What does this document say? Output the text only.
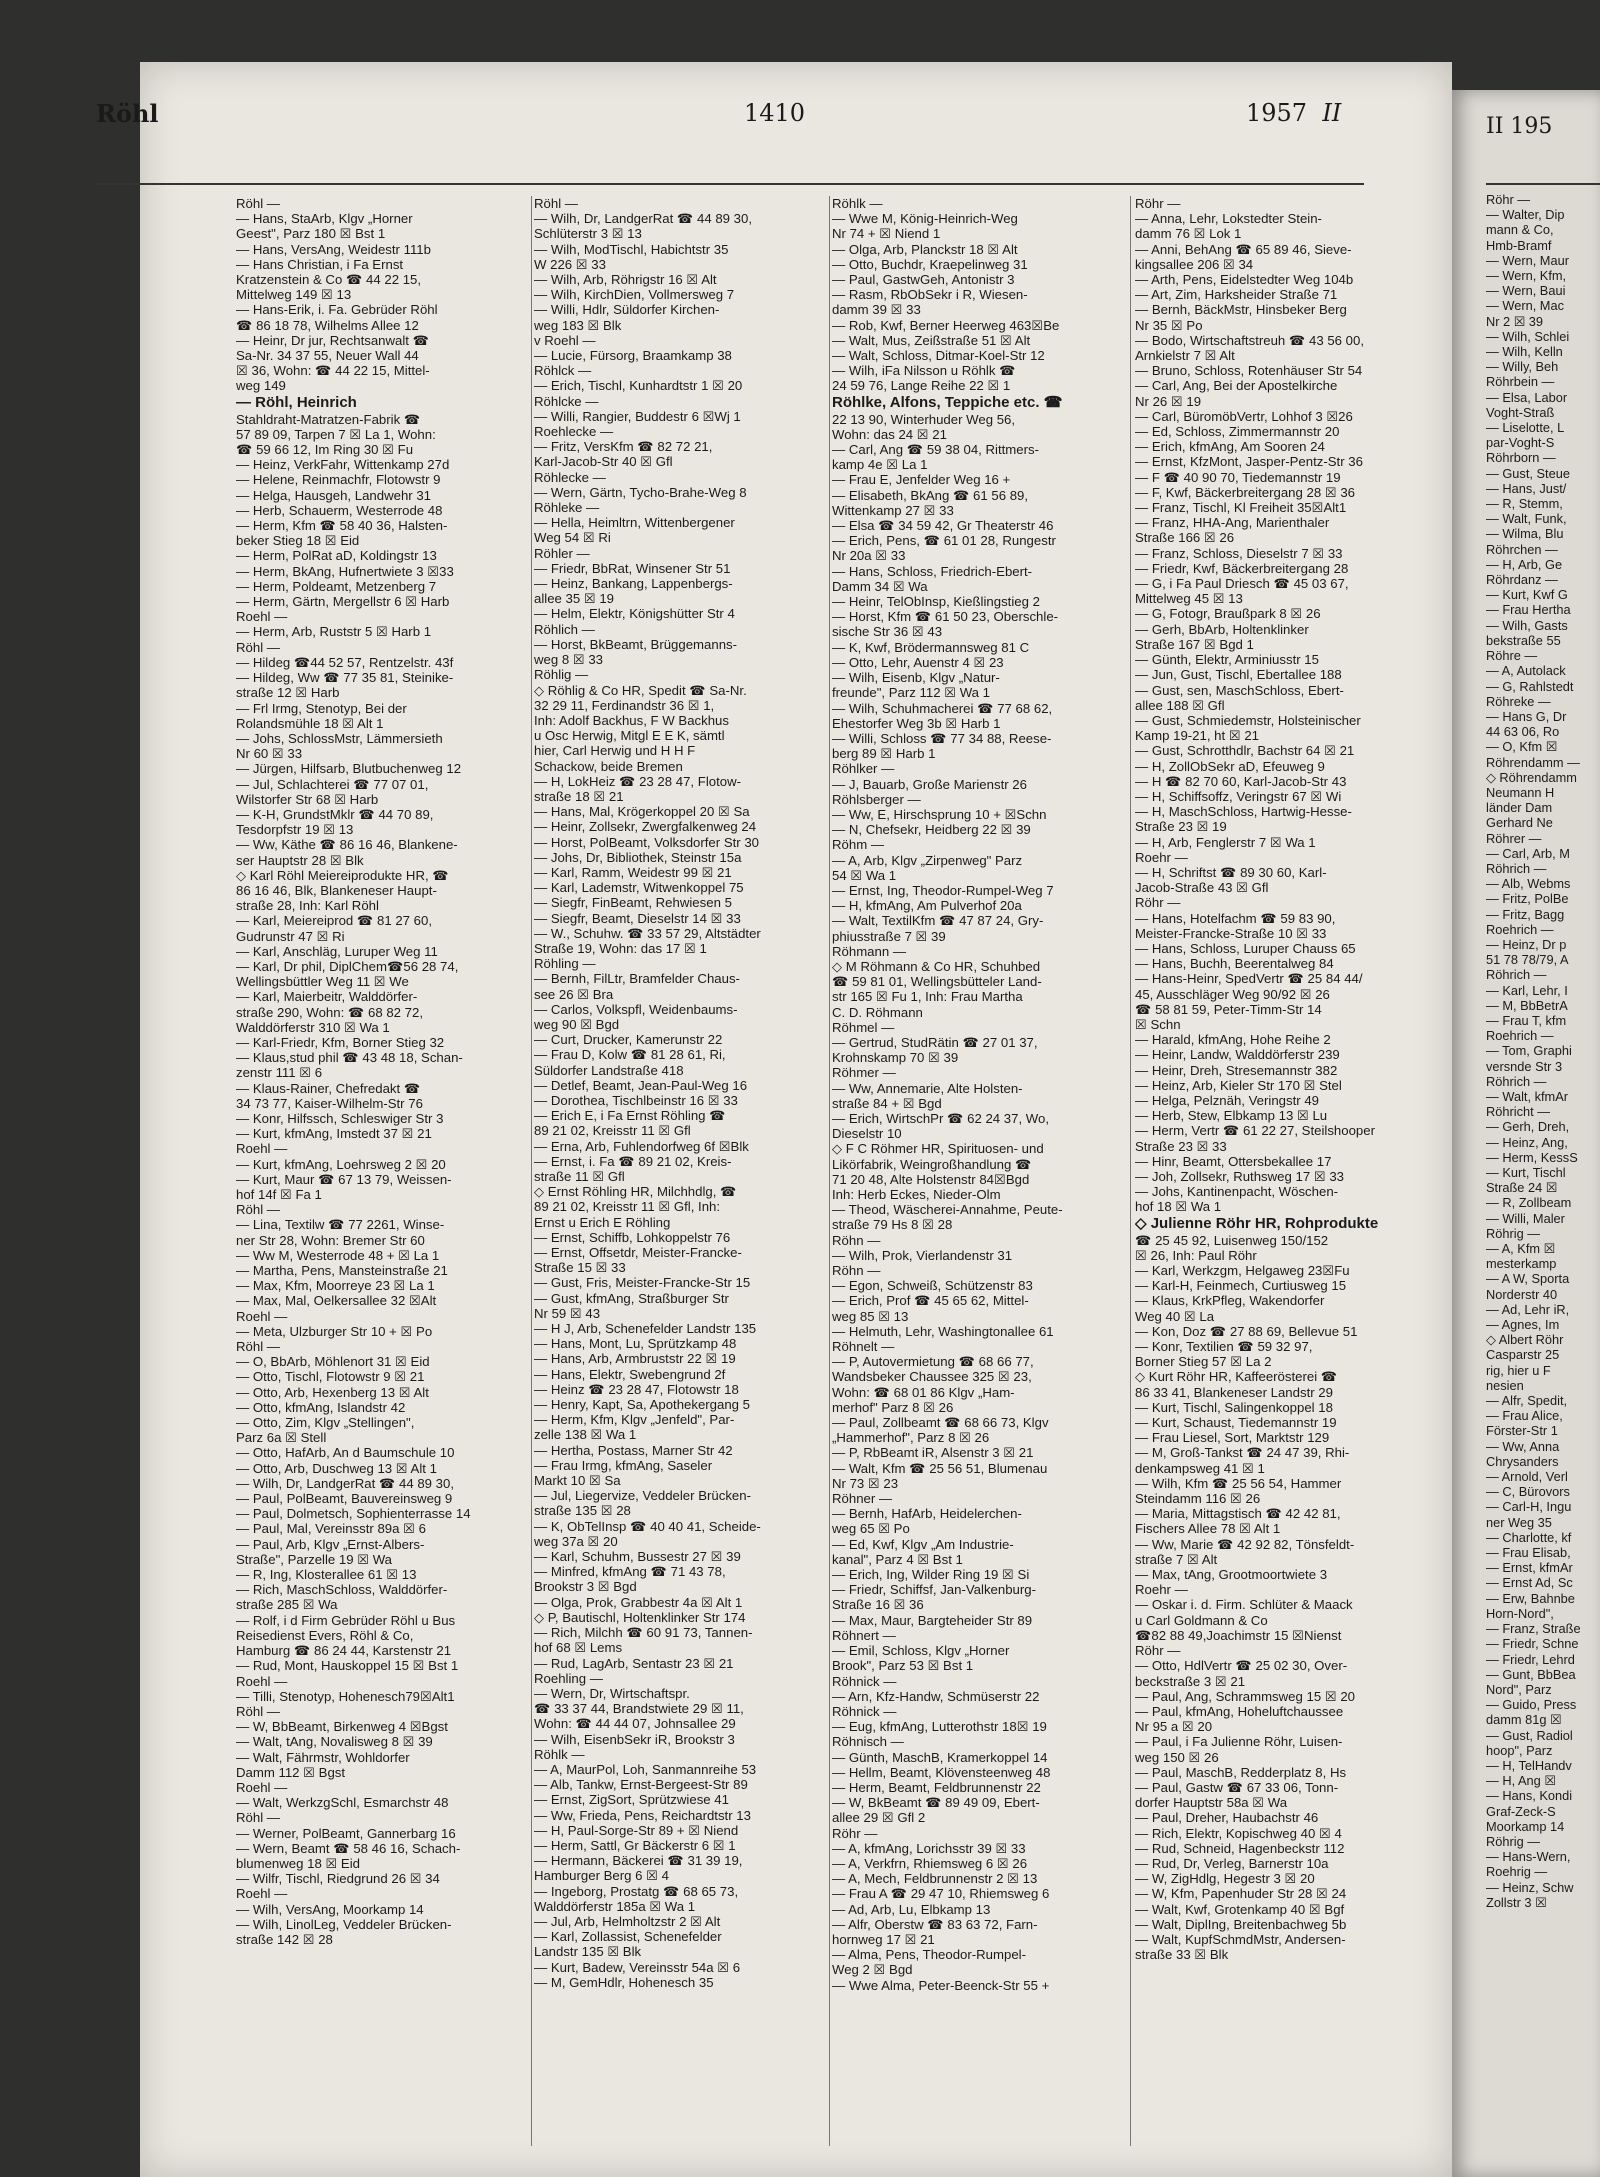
II 195
Röhr —
— Walter, Dip
mann & Co,
Hmb-Bramf
— Wern, Maur
— Wern, Kfm,
— Wern, Baui
— Wern, Mac
Nr 2 ☒ 39
— Wilh, Schlei
— Wilh, Kelln
— Willy, Beh
Röhrbein —
— Elsa, Labor
Voght-Straß
— Liselotte, L
par-Voght-S
Röhrborn —
— Gust, Steue
— Hans, Just/
— R, Stemm,
— Walt, Funk,
— Wilma, Blu
Röhrchen —
— H, Arb, Ge
Röhrdanz —
— Kurt, Kwf G
— Frau Hertha
— Wilh, Gasts
bekstraße 55
Röhre —
— A, Autolack
— G, Rahlstedt
Röhreke —
— Hans G, Dr
44 63 06, Ro
— O, Kfm ☒
Röhrendamm —
◇ Röhrendamm
Neumann H
länder Dam
Gerhard Ne
Röhrer —
— Carl, Arb, M
Röhrich —
— Alb, Webms
— Fritz, PolBe
— Fritz, Bagg
Roehrich —
— Heinz, Dr p
51 78 78/79, A
Röhrich —
— Karl, Lehr, I
— M, BbBetrA
— Frau T, kfm
Roehrich —
— Tom, Graphi
versnde Str 3
Röhrich —
— Walt, kfmAr
Röhricht —
— Gerh, Dreh,
— Heinz, Ang,
— Herm, KessS
— Kurt, Tischl
Straße 24 ☒
— R, Zollbeam
— Willi, Maler
Röhrig —
— A, Kfm ☒
mesterkamp
— A W, Sporta
Norderstr 40
— Ad, Lehr iR,
— Agnes, Im
◇ Albert Röhr
Casparstr 25
rig, hier u F
nesien
— Alfr, Spedit,
— Frau Alice,
Förster-Str 1
— Ww, Anna
Chrysanders
— Arnold, Verl
— C, Bürovors
— Carl-H, Ingu
ner Weg 35
— Charlotte, kf
— Frau Elisab,
— Ernst, kfmAr
— Ernst Ad, Sc
— Erw, Bahnbe
Horn-Nord",
— Franz, Straße
— Friedr, Schne
— Friedr, Lehrd
— Gunt, BbBea
Nord", Parz
— Guido, Press
damm 81g ☒
— Gust, Radiol
hoop", Parz
— H, TelHandv
— H, Ang ☒
— Hans, Kondi
Graf-Zeck-S
Moorkamp 14
Röhrig —
— Hans-Wern,
Roehrig —
— Heinz, Schw
Zollstr 3 ☒
Röhl	1410	1957 II
Röhl —
— Hans, StaArb, Klgv „Horner
Geest", Parz 180 ☒ Bst 1
— Hans, VersAng, Weidestr 111b
— Hans Christian, i Fa Ernst
Kratzenstein & Co ☎ 44 22 15,
Mittelweg 149 ☒ 13
— Hans-Erik, i. Fa. Gebrüder Röhl
☎ 86 18 78, Wilhelms Allee 12
— Heinr, Dr jur, Rechtsanwalt ☎
Sa-Nr. 34 37 55, Neuer Wall 44
☒ 36, Wohn: ☎ 44 22 15, Mittel-
weg 149
— Röhl, Heinrich
Stahldraht-Matratzen-Fabrik ☎
57 89 09, Tarpen 7 ☒ La 1, Wohn:
☎ 59 66 12, Im Ring 30 ☒ Fu
— Heinz, VerkFahr, Wittenkamp 27d
— Helene, Reinmachfr, Flotowstr 9
— Helga, Hausgeh, Landwehr 31
— Herb, Schauerm, Westerrode 48
— Herm, Kfm ☎ 58 40 36, Halsten-
beker Stieg 18 ☒ Eid
— Herm, PolRat aD, Koldingstr 13
— Herm, BkAng, Hufnertwiete 3 ☒33
— Herm, Poldeamt, Metzenberg 7
— Herm, Gärtn, Mergellstr 6 ☒ Harb
Roehl —
— Herm, Arb, Ruststr 5 ☒ Harb 1
Röhl —
— Hildeg ☎44 52 57, Rentzelstr. 43f
— Hildeg, Ww ☎ 77 35 81, Steinike-
straße 12 ☒ Harb
— Frl Irmg, Stenotyp, Bei der
Rolandsmühle 18 ☒ Alt 1
— Johs, SchlossMstr, Lämmersieth
Nr 60 ☒ 33
— Jürgen, Hilfsarb, Blutbuchenweg 12
— Jul, Schlachterei ☎ 77 07 01,
Wilstorfer Str 68 ☒ Harb
— K-H, GrundstMklr ☎ 44 70 89,
Tesdorpfstr 19 ☒ 13
— Ww, Käthe ☎ 86 16 46, Blankene-
ser Hauptstr 28 ☒ Blk
◇ Karl Röhl Meiereiprodukte HR, ☎
86 16 46, Blk, Blankeneser Haupt-
straße 28, Inh: Karl Röhl
— Karl, Meiereiprod ☎ 81 27 60,
Gudrunstr 47 ☒ Ri
— Karl, Anschläg, Luruper Weg 11
— Karl, Dr phil, DiplChem☎56 28 74,
Wellingsbüttler Weg 11 ☒ We
— Karl, Maierbeitr, Walddörfer-
straße 290, Wohn: ☎ 68 82 72,
Walddörferstr 310 ☒ Wa 1
— Karl-Friedr, Kfm, Borner Stieg 32
— Klaus,stud phil ☎ 43 48 18, Schan-
zenstr 111 ☒ 6
— Klaus-Rainer, Chefredakt ☎
34 73 77, Kaiser-Wilhelm-Str 76
— Konr, Hilfssch, Schleswiger Str 3
— Kurt, kfmAng, Imstedt 37 ☒ 21
Roehl —
— Kurt, kfmAng, Loehrsweg 2 ☒ 20
— Kurt, Maur ☎ 67 13 79, Weissen-
hof 14f ☒ Fa 1
Röhl —
— Lina, Textilw ☎ 77 2261, Winse-
ner Str 28, Wohn: Bremer Str 60
— Ww M, Westerrode 48 + ☒ La 1
— Martha, Pens, Mansteinstraße 21
— Max, Kfm, Moorreye 23 ☒ La 1
— Max, Mal, Oelkersallee 32 ☒Alt
Roehl —
— Meta, Ulzburger Str 10 + ☒ Po
Röhl —
— O, BbArb, Möhlenort 31 ☒ Eid
— Otto, Tischl, Flotowstr 9 ☒ 21
— Otto, Arb, Hexenberg 13 ☒ Alt
— Otto, kfmAng, Islandstr 42
— Otto, Zim, Klgv „Stellingen",
Parz 6a ☒ Stell
— Otto, HafArb, An d Baumschule 10
— Otto, Arb, Duschweg 13 ☒ Alt 1
— Wilh, Dr, LandgerRat ☎ 44 89 30,
— Paul, PolBeamt, Bauvereinsweg 9
— Paul, Dolmetsch, Sophienterrasse 14
— Paul, Mal, Vereinsstr 89a ☒ 6
— Paul, Arb, Klgv „Ernst-Albers-
Straße", Parzelle 19 ☒ Wa
— R, Ing, Klosterallee 61 ☒ 13
— Rich, MaschSchloss, Walddörfer-
straße 285 ☒ Wa
— Rolf, i d Firm Gebrüder Röhl u Bus
Reisedienst Evers, Röhl & Co,
Hamburg ☎ 86 24 44, Karstenstr 21
— Rud, Mont, Hauskoppel 15 ☒ Bst 1
Roehl —
— Tilli, Stenotyp, Hohenesch79☒Alt1
Röhl —
— W, BbBeamt, Birkenweg 4 ☒Bgst
— Walt, tAng, Novalisweg 8 ☒ 39
— Walt, Fährmstr, Wohldorfer
Damm 112 ☒ Bgst
Roehl —
— Walt, WerkzgSchl, Esmarchstr 48
Röhl —
— Werner, PolBeamt, Gannerbarg 16
— Wern, Beamt ☎ 58 46 16, Schach-
blumenweg 18 ☒ Eid
— Wilfr, Tischl, Riedgrund 26 ☒ 34
Roehl —
— Wilh, VersAng, Moorkamp 14
— Wilh, LinolLeg, Veddeler Brücken-
straße 142 ☒ 28
Röhl —
— Wilh, Dr, LandgerRat ☎ 44 89 30,
Schlüterstr 3 ☒ 13
— Wilh, ModTischl, Habichtstr 35
W 226 ☒ 33
— Wilh, Arb, Röhrigstr 16 ☒ Alt
— Wilh, KirchDien, Vollmersweg 7
— Willi, Hdlr, Süldorfer Kirchen-
weg 183 ☒ Blk
v Roehl —
— Lucie, Fürsorg, Braamkamp 38
Röhlck —
— Erich, Tischl, Kunhardtstr 1 ☒ 20
Röhlcke —
— Willi, Rangier, Buddestr 6 ☒Wj 1
Roehlecke —
— Fritz, VersKfm ☎ 82 72 21,
Karl-Jacob-Str 40 ☒ Gfl
Röhlecke —
— Wern, Gärtn, Tycho-Brahe-Weg 8
Röhleke —
— Hella, Heimltrn, Wittenbergener
Weg 54 ☒ Ri
Röhler —
— Friedr, BbRat, Winsener Str 51
— Heinz, Bankang, Lappenbergs-
allee 35 ☒ 19
— Helm, Elektr, Königshütter Str 4
Röhlich —
— Horst, BkBeamt, Brüggemanns-
weg 8 ☒ 33
Röhlig —
◇ Röhlig & Co HR, Spedit ☎ Sa-Nr.
32 29 11, Ferdinandstr 36 ☒ 1,
Inh: Adolf Backhus, F W Backhus
u Osc Herwig, Mitgl E E K, sämtl
hier, Carl Herwig und H H F
Schackow, beide Bremen
— H, LokHeiz ☎ 23 28 47, Flotow-
straße 18 ☒ 21
— Hans, Mal, Krögerkoppel 20 ☒ Sa
— Heinr, Zollsekr, Zwergfalkenweg 24
— Horst, PolBeamt, Volksdorfer Str 30
— Johs, Dr, Bibliothek, Steinstr 15a
— Karl, Ramm, Weidestr 99 ☒ 21
— Karl, Lademstr, Witwenkoppel 75
— Siegfr, FinBeamt, Rehwiesen 5
— Siegfr, Beamt, Dieselstr 14 ☒ 33
— W., Schuhw. ☎ 33 57 29, Altstädter
Straße 19, Wohn: das 17 ☒ 1
Röhling —
— Bernh, FilLtr, Bramfelder Chaus-
see 26 ☒ Bra
— Carlos, Volkspfl, Weidenbaums-
weg 90 ☒ Bgd
— Curt, Drucker, Kamerunstr 22
— Frau D, Kolw ☎ 81 28 61, Ri,
Süldorfer Landstraße 418
— Detlef, Beamt, Jean-Paul-Weg 16
— Dorothea, Tischlbeinstr 16 ☒ 33
— Erich E, i Fa Ernst Röhling ☎
89 21 02, Kreisstr 11 ☒ Gfl
— Erna, Arb, Fuhlendorfweg 6f ☒Blk
— Ernst, i. Fa ☎ 89 21 02, Kreis-
straße 11 ☒ Gfl
◇ Ernst Röhling HR, Milchhdlg, ☎
89 21 02, Kreisstr 11 ☒ Gfl, Inh:
Ernst u Erich E Röhling
— Ernst, Schiffb, Lohkoppelstr 76
— Ernst, Offsetdr, Meister-Francke-
Straße 15 ☒ 33
— Gust, Fris, Meister-Francke-Str 15
— Gust, kfmAng, Straßburger Str
Nr 59 ☒ 43
— H J, Arb, Schenefelder Landstr 135
— Hans, Mont, Lu, Sprützkamp 48
— Hans, Arb, Armbruststr 22 ☒ 19
— Hans, Elektr, Swebengrund 2f
— Heinz ☎ 23 28 47, Flotowstr 18
— Henry, Kapt, Sa, Apothekergang 5
— Herm, Kfm, Klgv „Jenfeld", Par-
zelle 138 ☒ Wa 1
— Hertha, Postass, Marner Str 42
— Frau Irmg, kfmAng, Saseler
Markt 10 ☒ Sa
— Jul, Liegervize, Veddeler Brücken-
straße 135 ☒ 28
— K, ObTelInsp ☎ 40 40 41, Scheide-
weg 37a ☒ 20
— Karl, Schuhm, Bussestr 27 ☒ 39
— Minfred, kfmAng ☎ 71 43 78,
Brookstr 3 ☒ Bgd
— Olga, Prok, Grabbestr 4a ☒ Alt 1
◇ P, Bautischl, Holtenklinker Str 174
— Rich, Milchh ☎ 60 91 73, Tannen-
hof 68 ☒ Lems
— Rud, LagArb, Sentastr 23 ☒ 21
Roehling —
— Wern, Dr, Wirtschaftspr.
☎ 33 37 44, Brandstwiete 29 ☒ 11,
Wohn: ☎ 44 44 07, Johnsallee 29
— Wilh, EisenbSekr iR, Brookstr 3
Röhlk —
— A, MaurPol, Loh, Sanmannreihe 53
— Alb, Tankw, Ernst-Bergeest-Str 89
— Ernst, ZigSort, Sprützwiese 41
— Ww, Frieda, Pens, Reichardtstr 13
— H, Paul-Sorge-Str 89 + ☒ Niend
— Herm, Sattl, Gr Bäckerstr 6 ☒ 1
— Hermann, Bäckerei ☎ 31 39 19,
Hamburger Berg 6 ☒ 4
— Ingeborg, Prostatg ☎ 68 65 73,
Walddörferstr 185a ☒ Wa 1
— Jul, Arb, Helmholtzstr 2 ☒ Alt
— Karl, Zollassist, Schenefelder
Landstr 135 ☒ Blk
— Kurt, Badew, Vereinsstr 54a ☒ 6
— M, GemHdlr, Hohenesch 35
Röhlk —
— Wwe M, König-Heinrich-Weg
Nr 74 + ☒ Niend 1
— Olga, Arb, Planckstr 18 ☒ Alt
— Otto, Buchdr, Kraepelinweg 31
— Paul, GastwGeh, Antonistr 3
— Rasm, RbObSekr i R, Wiesen-
damm 39 ☒ 33
— Rob, Kwf, Berner Heerweg 463☒Be
— Walt, Mus, Zeißstraße 51 ☒ Alt
— Walt, Schloss, Ditmar-Koel-Str 12
— Wilh, iFa Nilsson u Röhlk ☎
24 59 76, Lange Reihe 22 ☒ 1
Röhlke, Alfons, Teppiche etc. ☎
22 13 90, Winterhuder Weg 56,
Wohn: das 24 ☒ 21
— Carl, Ang ☎ 59 38 04, Rittmers-
kamp 4e ☒ La 1
— Frau E, Jenfelder Weg 16 +
— Elisabeth, BkAng ☎ 61 56 89,
Wittenkamp 27 ☒ 33
— Elsa ☎ 34 59 42, Gr Theaterstr 46
— Erich, Pens, ☎ 61 01 28, Rungestr
Nr 20a ☒ 33
— Hans, Schloss, Friedrich-Ebert-
Damm 34 ☒ Wa
— Heinr, TelObInsp, Kießlingstieg 2
— Horst, Kfm ☎ 61 50 23, Oberschle-
sische Str 36 ☒ 43
— K, Kwf, Brödermannsweg 81 C
— Otto, Lehr, Auenstr 4 ☒ 23
— Wilh, Eisenb, Klgv „Natur-
freunde", Parz 112 ☒ Wa 1
— Wilh, Schuhmacherei ☎ 77 68 62,
Ehestorfer Weg 3b ☒ Harb 1
— Willi, Schloss ☎ 77 34 88, Reese-
berg 89 ☒ Harb 1
Röhlker —
— J, Bauarb, Große Marienstr 26
Röhlsberger —
— Ww, E, Hirschsprung 10 + ☒Schn
— N, Chefsekr, Heidberg 22 ☒ 39
Röhm —
— A, Arb, Klgv „Zirpenweg" Parz
54 ☒ Wa 1
— Ernst, Ing, Theodor-Rumpel-Weg 7
— H, kfmAng, Am Pulverhof 20a
— Walt, TextilKfm ☎ 47 87 24, Gry-
phiusstraße 7 ☒ 39
Röhmann —
◇ M Röhmann & Co HR, Schuhbed
☎ 59 81 01, Wellingsbütteler Land-
str 165 ☒ Fu 1, Inh: Frau Martha
C. D. Röhmann
Röhmel —
— Gertrud, StudRätin ☎ 27 01 37,
Krohnskamp 70 ☒ 39
Röhmer —
— Ww, Annemarie, Alte Holsten-
straße 84 + ☒ Bgd
— Erich, WirtschPr ☎ 62 24 37, Wo,
Dieselstr 10
◇ F C Röhmer HR, Spirituosen- und
Likörfabrik, Weingroßhandlung ☎
71 20 48, Alte Holstenstr 84☒Bgd
Inh: Herb Eckes, Nieder-Olm
— Theod, Wäscherei-Annahme, Peute-
straße 79 Hs 8 ☒ 28
Röhn —
— Wilh, Prok, Vierlandenstr 31
Röhn —
— Egon, Schweiß, Schützenstr 83
— Erich, Prof ☎ 45 65 62, Mittel-
weg 85 ☒ 13
— Helmuth, Lehr, Washingtonallee 61
Röhnelt —
— P, Autovermietung ☎ 68 66 77,
Wandsbeker Chaussee 325 ☒ 23,
Wohn: ☎ 68 01 86 Klgv „Ham-
merhof" Parz 8 ☒ 26
— Paul, Zollbeamt ☎ 68 66 73, Klgv
„Hammerhof", Parz 8 ☒ 26
— P, RbBeamt iR, Alsenstr 3 ☒ 21
— Walt, Kfm ☎ 25 56 51, Blumenau
Nr 73 ☒ 23
Röhner —
— Bernh, HafArb, Heidelerchen-
weg 65 ☒ Po
— Ed, Kwf, Klgv „Am Industrie-
kanal", Parz 4 ☒ Bst 1
— Erich, Ing, Wilder Ring 19 ☒ Si
— Friedr, Schiffsf, Jan-Valkenburg-
Straße 16 ☒ 36
— Max, Maur, Bargteheider Str 89
Röhnert —
— Emil, Schloss, Klgv „Horner
Brook", Parz 53 ☒ Bst 1
Röhnick —
— Arn, Kfz-Handw, Schmüserstr 22
Röhnick —
— Eug, kfmAng, Lutterothstr 18☒ 19
Röhnisch —
— Günth, MaschB, Kramerkoppel 14
— Hellm, Beamt, Klövensteenweg 48
— Herm, Beamt, Feldbrunnenstr 22
— W, BkBeamt ☎ 89 49 09, Ebert-
allee 29 ☒ Gfl 2
Röhr —
— A, kfmAng, Lorichsstr 39 ☒ 33
— A, Verkfrn, Rhiemsweg 6 ☒ 26
— A, Mech, Feldbrunnenstr 2 ☒ 13
— Frau A ☎ 29 47 10, Rhiemsweg 6
— Ad, Arb, Lu, Elbkamp 13
— Alfr, Oberstw ☎ 83 63 72, Farn-
hornweg 17 ☒ 21
— Alma, Pens, Theodor-Rumpel-
Weg 2 ☒ Bgd
— Wwe Alma, Peter-Beenck-Str 55 +
Röhr —
— Anna, Lehr, Lokstedter Stein-
damm 76 ☒ Lok 1
— Anni, BehAng ☎ 65 89 46, Sieve-
kingsallee 206 ☒ 34
— Arth, Pens, Eidelstedter Weg 104b
— Art, Zim, Harksheider Straße 71
— Bernh, BäckMstr, Hinsbeker Berg
Nr 35 ☒ Po
— Bodo, Wirtschaftstreuh ☎ 43 56 00,
Arnkielstr 7 ☒ Alt
— Bruno, Schloss, Rotenhäuser Str 54
— Carl, Ang, Bei der Apostelkirche
Nr 26 ☒ 19
— Carl, BüromöbVertr, Lohhof 3 ☒26
— Ed, Schloss, Zimmermannstr 20
— Erich, kfmAng, Am Sooren 24
— Ernst, KfzMont, Jasper-Pentz-Str 36
— F ☎ 40 90 70, Tiedemannstr 19
— F, Kwf, Bäckerbreitergang 28 ☒ 36
— Franz, Tischl, Kl Freiheit 35☒Alt1
— Franz, HHA-Ang, Marienthaler
Straße 166 ☒ 26
— Franz, Schloss, Dieselstr 7 ☒ 33
— Friedr, Kwf, Bäckerbreitergang 28
— G, i Fa Paul Driesch ☎ 45 03 67,
Mittelweg 45 ☒ 13
— G, Fotogr, Braußpark 8 ☒ 26
— Gerh, BbArb, Holtenklinker
Straße 167 ☒ Bgd 1
— Günth, Elektr, Arminiusstr 15
— Jun, Gust, Tischl, Ebertallee 188
— Gust, sen, MaschSchloss, Ebert-
allee 188 ☒ Gfl
— Gust, Schmiedemstr, Holsteinischer
Kamp 19-21, ht ☒ 21
— Gust, Schrotthdlr, Bachstr 64 ☒ 21
— H, ZollObSekr aD, Efeuweg 9
— H ☎ 82 70 60, Karl-Jacob-Str 43
— H, Schiffsoffz, Veringstr 67 ☒ Wi
— H, MaschSchloss, Hartwig-Hesse-
Straße 23 ☒ 19
— H, Arb, Fenglerstr 7 ☒ Wa 1
Roehr —
— H, Schriftst ☎ 89 30 60, Karl-
Jacob-Straße 43 ☒ Gfl
Röhr —
— Hans, Hotelfachm ☎ 59 83 90,
Meister-Francke-Straße 10 ☒ 33
— Hans, Schloss, Luruper Chauss 65
— Hans, Buchh, Beerentalweg 84
— Hans-Heinr, SpedVertr ☎ 25 84 44/
45, Ausschläger Weg 90/92 ☒ 26
☎ 58 81 59, Peter-Timm-Str 14
☒ Schn
— Harald, kfmAng, Hohe Reihe 2
— Heinr, Landw, Walddörferstr 239
— Heinr, Dreh, Stresemannstr 382
— Heinz, Arb, Kieler Str 170 ☒ Stel
— Helga, Pelznäh, Veringstr 49
— Herb, Stew, Elbkamp 13 ☒ Lu
— Herm, Vertr ☎ 61 22 27, Steilshooper
Straße 23 ☒ 33
— Hinr, Beamt, Ottersbekallee 17
— Joh, Zollsekr, Ruthsweg 17 ☒ 33
— Johs, Kantinenpacht, Wöschen-
hof 18 ☒ Wa 1
◇ Julienne Röhr HR, Rohprodukte
☎ 25 45 92, Luisenweg 150/152
☒ 26, Inh: Paul Röhr
— Karl, Werkzgm, Helgaweg 23☒Fu
— Karl-H, Feinmech, Curtiusweg 15
— Klaus, KrkPfleg, Wakendorfer
Weg 40 ☒ La
— Kon, Doz ☎ 27 88 69, Bellevue 51
— Konr, Textilien ☎ 59 32 97,
Borner Stieg 57 ☒ La 2
◇ Kurt Röhr HR, Kaffeerösterei ☎
86 33 41, Blankeneser Landstr 29
— Kurt, Tischl, Salingenkoppel 18
— Kurt, Schaust, Tiedemannstr 19
— Frau Liesel, Sort, Marktstr 129
— M, Groß-Tankst ☎ 24 47 39, Rhi-
denkampsweg 41 ☒ 1
— Wilh, Kfm ☎ 25 56 54, Hammer
Steindamm 116 ☒ 26
— Maria, Mittagstisch ☎ 42 42 81,
Fischers Allee 78 ☒ Alt 1
— Ww, Marie ☎ 42 92 82, Tönsfeldt-
straße 7 ☒ Alt
— Max, tAng, Grootmoortwiete 3
Roehr —
— Oskar i. d. Firm. Schlüter & Maack
u Carl Goldmann & Co
☎82 88 49,Joachimstr 15 ☒Nienst
Röhr —
— Otto, HdlVertr ☎ 25 02 30, Over-
beckstraße 3 ☒ 21
— Paul, Ang, Schrammsweg 15 ☒ 20
— Paul, kfmAng, Hoheluftchaussee
Nr 95 a ☒ 20
— Paul, i Fa Julienne Röhr, Luisen-
weg 150 ☒ 26
— Paul, MaschB, Redderplatz 8, Hs
— Paul, Gastw ☎ 67 33 06, Tonn-
dorfer Hauptstr 58a ☒ Wa
— Paul, Dreher, Haubachstr 46
— Rich, Elektr, Kopischweg 40 ☒ 4
— Rud, Schneid, Hagenbeckstr 112
— Rud, Dr, Verleg, Barnerstr 10a
— W, ZigHdlg, Hegestr 3 ☒ 20
— W, Kfm, Papenhuder Str 28 ☒ 24
— Walt, Kwf, Grotenkamp 40 ☒ Bgf
— Walt, DiplIng, Breitenbachweg 5b
— Walt, KupfSchmdMstr, Andersen-
straße 33 ☒ Blk
